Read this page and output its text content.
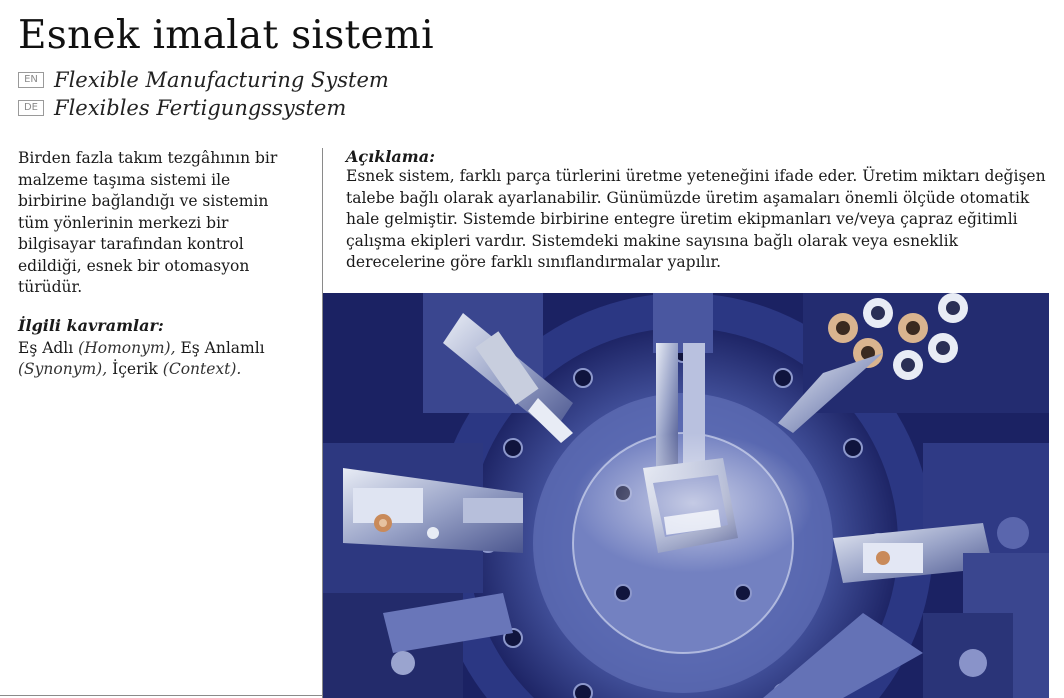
Esnek imalat sistemi
EN Flexible Manufacturing System
DE Flexibles Fertigungssystem
Birden fazla takım tezgâhının bir malzeme taşıma sistemi ile birbirine bağlandığı ve sistemin tüm yönlerinin merkezi bir bilgisayar tarafından kontrol edildiği, esnek bir otomasyon türüdür.
İlgili kavramlar:
Eş Adlı (Homonym), Eş Anlamlı (Synonym), İçerik (Context).
Açıklama:
Esnek sistem, farklı parça türlerini üretme yeteneğini ifade eder. Üretim miktarı değişen talebe bağlı olarak ayarlanabilir. Günümüzde üretim aşamaları önemli ölçüde otomatik hale gelmiştir. Sistemde birbirine entegre üretim ekipmanları ve/veya çapraz eğitimli çalışma ekipleri vardır. Sistemdeki makine sayısına bağlı olarak veya esneklik derecelerine göre farklı sınıflandırmalar yapılır.
